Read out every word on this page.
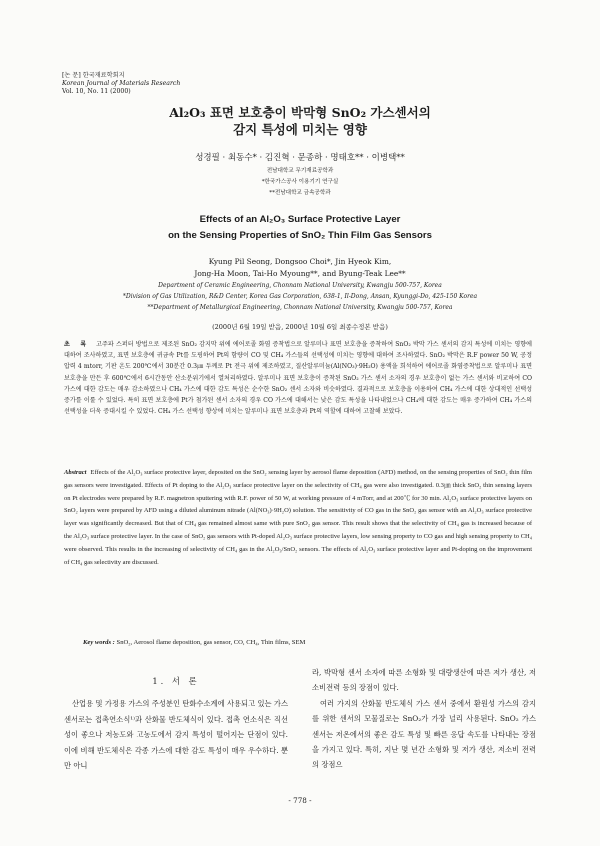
[논 문] 한국재료학회지
Korean Journal of Materials Research
Vol. 10, No. 11 (2000)
Al₂O₃ 표면 보호층이 박막형 SnO₂ 가스센서의
감지 특성에 미치는 영향
성경필 · 최동수* · 김진혁 · 문종하 · 명태호** · 이병택**
전남대학교 무기재료공학과
*한국가스공사 이용기기 연구실
**전남대학교 금속공학과
Effects of an Al₂O₃ Surface Protective Layer
on the Sensing Properties of SnO₂ Thin Film Gas Sensors
Kyung Pil Seong, Dongsoo Choi*, Jin Hyeok Kim,
Jong-Ha Moon, Tai-Ho Myoung**, and Byung-Teak Lee**
Department of Ceramic Engineering, Chonnam National University, Kwangju 500-757, Korea
*Division of Gas Utilization, R&D Center, Korea Gas Corporation, 638-1, Il-Dong, Ansan, Kyunggi-Do, 425-150 Korea
**Department of Metallurgical Engineering, Chonnam National University, Kwangju 500-757, Korea
(2000년 6월 19일 받음, 2000년 10월 6일 최종수정본 받음)
초 록 고주파 스퍼터 방법으로 제조된 SnO₂ 감지막 위에 에어로졸 화염 증착법으로 알루미나 표면 보호층을 증착하여 SnO₂ 박막 가스 센서의 감지 특성에 미치는 영향에 대하여 조사하였고, 표면 보호층에 귀금속 Pt를 도핑하여 Pt의 함량이 CO 및 CH₄ 가스들의 선택성에 미치는 영향에 대하여 조사하였다. SnO₂ 박막은 R.F power 50 W, 공정 압력 4 mtorr, 기판 온도 200℃에서 30분간 0.3㎛ 두께로 Pt 전극 위에 제조하였고, 질산알루미늄(Al(NO₃)·9H₂O) 용액을 희석하여 에어로졸 화염증착법으로 알루미나 표면 보호층을 만든 후 600℃에서 6시간동안 산소분위기에서 열처리하였다. 알루미나 표면 보호층이 증착된 SnO₂ 가스 센서 소자의 경우 보호층이 없는 가스 센서와 비교하여 CO 가스에 대한 감도는 매우 감소하였으나 CH₄ 가스에 대한 감도 특성은 순수한 SnO₂ 센서 소자와 비슷하였다. 결과적으로 보호층을 이용하여 CH₄ 가스에 대한 상대적인 선택성 증가를 이룰 수 있었다. 특히 표면 보호층에 Pt가 첨가된 센서 소자의 경우 CO 가스에 대해서는 낮은 감도 특성을 나타내었으나 CH₄에 대한 감도는 매우 증가하여 CH₄ 가스의 선택성을 더욱 증대시킬 수 있었다. CH₄ 가스 선택성 향상에 미치는 알루미나 표면 보호층과 Pt의 역할에 대하여 고찰해 보았다.
Abstract Effects of the Al₂O₃ surface protective layer, deposited on the SnO₂ sensing layer by aerosol flame deposition (AFD) method, on the sensing properties of SnO₂ thin film gas sensors were investigated. Effects of Pt doping to the Al₂O₃ surface protective layer on the selectivity of CH₄ gas were also investigated. 0.3㎛ thick SnO₂ thin sensing layers on Pt electrodes were prepared by R.F. magnetron sputtering with R.F. power of 50 W, at working pressure of 4 mTorr, and at 200℃ for 30 min. Al₂O₃ surface protective layers on SnO₂ layers were prepared by AFD using a diluted aluminum nitrade (Al(NO₃)·9H₂O) solution. The sensitivity of CO gas in the SnO₂ gas sensor with an Al₂O₃ surface protective layer was significantly decreased. But that of CH₄ gas remained almost same with pure SnO₂ gas sensor. This result shows that the selectivity of CH₄ gas is increased because of the Al₂O₃ surface protective layer. In the case of SnO₂ gas sensors with Pt-doped Al₂O₃ surface protective layers, low sensing property to CO gas and high sensing property to CH₄ were observed. This results in the increasing of selectivity of CH₄ gas in the Al₂O₃/SnO₂ sensors. The effects of Al₂O₃ surface protective layer and Pt-doping on the improvement of CH₄ gas selectivity are discussed.
Key words : SnO₂, Aerosol flame deposition, gas sensor, CO, CH₄, Thin films, SEM
1. 서 론

산업용 및 가정용 가스의 주성분인 탄화수소계에 사용되고 있는 가스센서로는 접촉연소식¹⁾과 산화물 반도체식이 있다. 접촉 연소식은 직선성이 좋으나 저농도와 고농도에서 감지 특성이 떨어지는 단점이 있다. 이에 비해 반도체식은 각종 가스에 대한 감도 특성이 매우 우수하다. 뿐만 아니

라, 박막형 센서 소자에 따른 소형화 및 대량생산에 따른 저가 생산, 저소비전력 등의 장점이 있다.

여러 가지의 산화물 반도체식 가스 센서 중에서 환원성 가스의 감지를 위한 센서의 모물질로는 SnO₂가 가장 널리 사용된다. SnO₂ 가스 센서는 저온에서의 좋은 감도 특성 및 빠른 응답 속도를 나타내는 장점을 가지고 있다. 특히, 지난 몇 년간 소형화 및 저가 생산, 저소비 전력의 장점으

- 778 -
